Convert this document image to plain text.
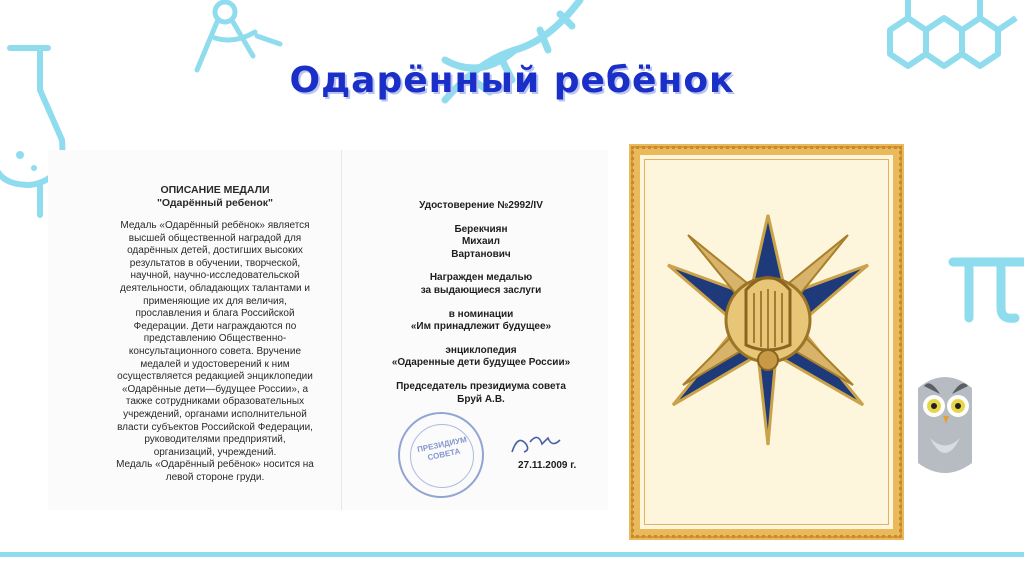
Одарённый ребёнок
ОПИСАНИЕ МЕДАЛИ
"Одарённый ребенок"
Медаль «Одарённый ребёнок» является
высшей общественной наградой для
одарённых детей, достигших высоких
результатов в обучении, творческой,
научной, научно-исследовательской
деятельности, обладающих талантами и
применяющие их для величия,
прославления и блага Российской
Федерации. Дети награждаются по
представлению Общественно-
консультационного совета. Вручение
медалей и удостоверений к ним
осуществляется редакцией энциклопедии
«Одарённые дети—будущее России», а
также сотрудниками образовательных
учреждений, органами исполнительной
власти субъектов Российской Федерации,
руководителями предприятий,
организаций, учреждений.
Медаль «Одарённый ребёнок» носится на
левой стороне груди.
Удостоверение №2992/IV
Берекчиян
Михаил
Вартанович
Награжден медалью
за выдающиеся заслуги
в номинации
«Им принадлежит будущее»
энциклопедия
«Одаренные дети будущее России»
Председатель президиума совета
Бруй А.В.
ПРЕЗИДИУМ СОВЕТА
27.11.2009 г.
